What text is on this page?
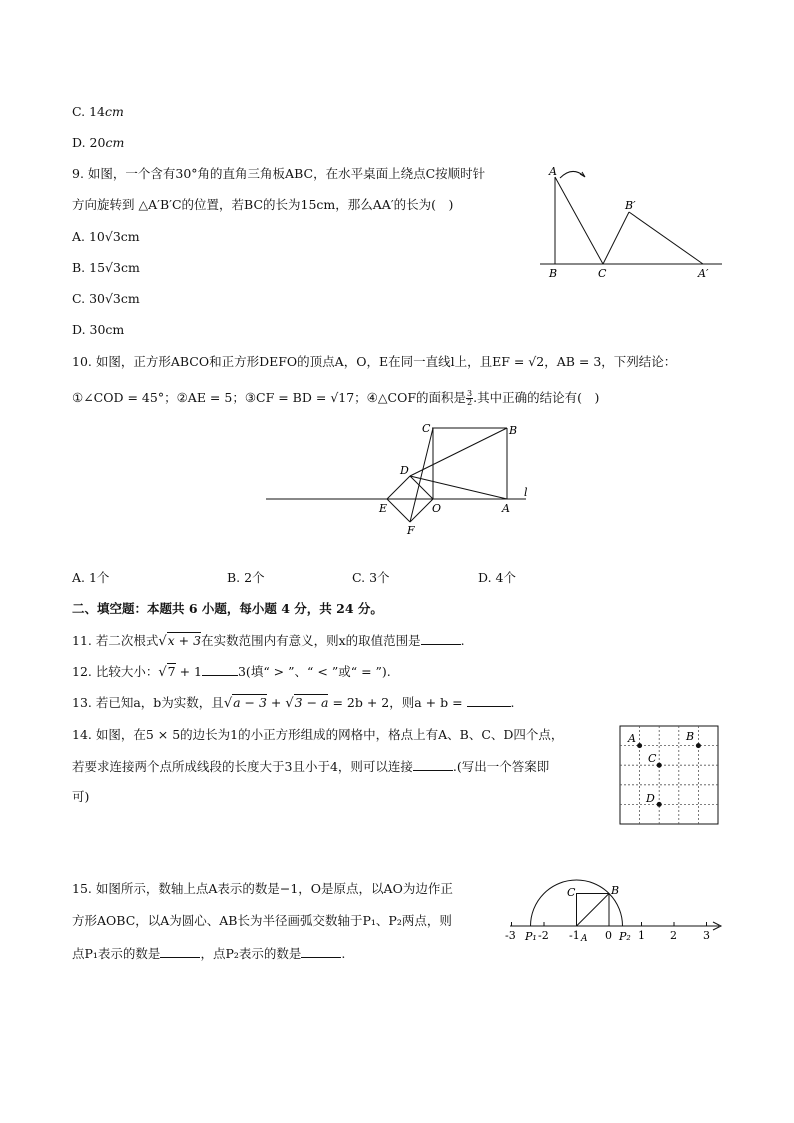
C. 14cm
D. 20cm
9. 如图，一个含有30°角的直角三角板ABC，在水平桌面上绕点C按顺时针
方向旋转到 △A′B′C的位置，若BC的长为15cm，那么AA′的长为(　)
A. 10√3cm
B. 15√3cm
C. 30√3cm
D. 30cm
A
B	C
B′
A′
10. 如图，正方形ABCO和正方形DEFO的顶点A，O，E在同一直线l上，且EF = √2，AB = 3，下列结论：
①∠COD = 45°；②AE = 5；③CF = BD = √17；④△COF的面积是 $\frac{3}{2}$ .其中正确的结论有(　)
C	B
D
E	O	A
F
l
A. 1个	B. 2个	C. 3个	D. 4个
二、填空题：本题共 6 小题，每小题 4 分，共 24 分。
11. 若二次根式√x + 3在实数范围内有意义，则x的取值范围是	.
12. 比较大小：√7 + 1	3(填“ > ”、“ < ”或“ = ”).
13. 若已知a，b为实数，且√a − 3 + √3 − a = 2b + 2，则a + b =	.
14. 如图，在5 × 5的边长为1的小正方形组成的网格中，格点上有A、B、C、D四个点，
若要求连接两个点所成线段的长度大于3且小于4，则可以连接	.(写出一个答案即
可)
A	B
C
D
15. 如图所示，数轴上点A表示的数是−1，O是原点，以AO为边作正
方形AOBC，以A为圆心、AB长为半径画弧交数轴于P₁、P₂两点，则
点P₁表示的数是	，点P₂表示的数是	.
C	B
-3 P₁ -2 -1 A 0 P₂ 1 2 3
